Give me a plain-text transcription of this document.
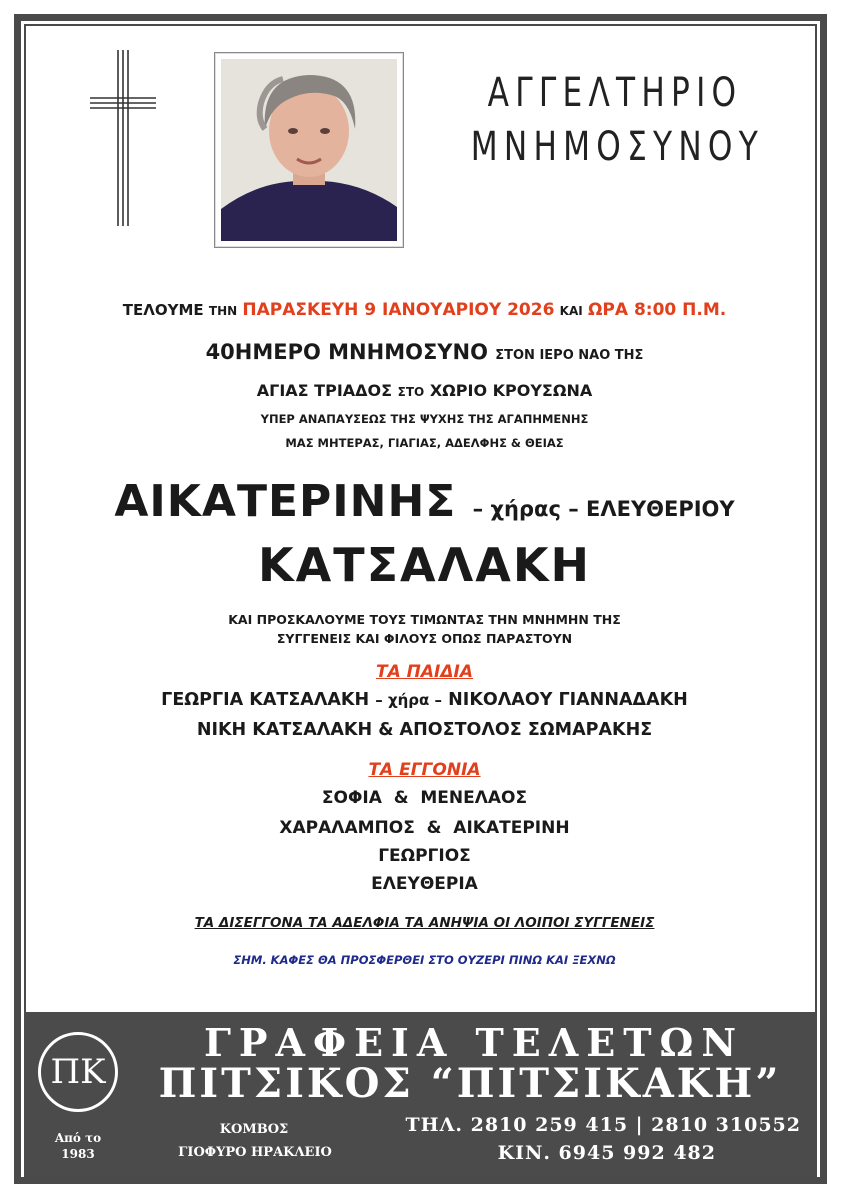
ΑΓΓΕΛΤΗΡΙΟ
ΜΝΗΜΟΣΥΝΟΥ
ΤΕΛΟΥΜΕ ΤΗΝ ΠΑΡΑΣΚΕΥΗ 9 ΙΑΝΟΥΑΡΙΟΥ 2026 ΚΑΙ ΩΡΑ 8:00 Π.Μ.
40ΗΜΕΡΟ ΜΝΗΜΟΣΥΝΟ ΣΤΟΝ ΙΕΡΟ ΝΑΟ ΤΗΣ
ΑΓΙΑΣ ΤΡΙΑΔΟΣ ΣΤΟ ΧΩΡΙΟ ΚΡΟΥΣΩΝΑ
ΥΠΕΡ ΑΝΑΠΑΥΣΕΩΣ ΤΗΣ ΨΥΧΗΣ ΤΗΣ ΑΓΑΠΗΜΕΝΗΣ
ΜΑΣ ΜΗΤΕΡΑΣ, ΓΙΑΓΙΑΣ, ΑΔΕΛΦΗΣ & ΘΕΙΑΣ
ΑΙΚΑΤΕΡΙΝΗΣ – χήρας – ΕΛΕΥΘΕΡΙΟΥ
ΚΑΤΣΑΛΑΚΗ
ΚΑΙ ΠΡΟΣΚΑΛΟΥΜΕ ΤΟΥΣ ΤΙΜΩΝΤΑΣ ΤΗΝ ΜΝΗΜΗΝ ΤΗΣ
ΣΥΓΓΕΝΕΙΣ ΚΑΙ ΦΙΛΟΥΣ ΟΠΩΣ ΠΑΡΑΣΤΟΥΝ
ΤΑ ΠΑΙΔΙΑ
ΓΕΩΡΓΙΑ ΚΑΤΣΑΛΑΚΗ – χήρα – ΝΙΚΟΛΑΟΥ ΓΙΑΝΝΑΔΑΚΗ
ΝΙΚΗ ΚΑΤΣΑΛΑΚΗ & ΑΠΟΣΤΟΛΟΣ ΣΩΜΑΡΑΚΗΣ
ΤΑ ΕΓΓΟΝΙΑ
ΣΟΦΙΑ  &  ΜΕΝΕΛΑΟΣ
ΧΑΡΑΛΑΜΠΟΣ  &  ΑΙΚΑΤΕΡΙΝΗ
ΓΕΩΡΓΙΟΣ
ΕΛΕΥΘΕΡΙΑ
ΤΑ ΔΙΣΕΓΓΟΝΑ ΤΑ ΑΔΕΛΦΙΑ ΤΑ ΑΝΗΨΙΑ ΟΙ ΛΟΙΠΟΙ ΣΥΓΓΕΝΕΙΣ
ΣΗΜ. ΚΑΦΕΣ ΘΑ ΠΡΟΣΦΕΡΘΕΙ ΣΤΟ ΟΥΖΕΡΙ ΠΙΝΩ ΚΑΙ ΞΕΧΝΩ
ΠΚ
Από το
1983
ΓΡΑΦΕΙΑ ΤΕΛΕΤΩΝ
ΠΙΤΣΙΚΟΣ “ΠΙΤΣΙΚΑΚΗ”
ΚΟΜΒΟΣ
ΓΙΟΦΥΡΟ ΗΡΑΚΛΕΙΟ
ΤΗΛ. 2810 259 415 | 2810 310552
ΚΙΝ. 6945 992 482
